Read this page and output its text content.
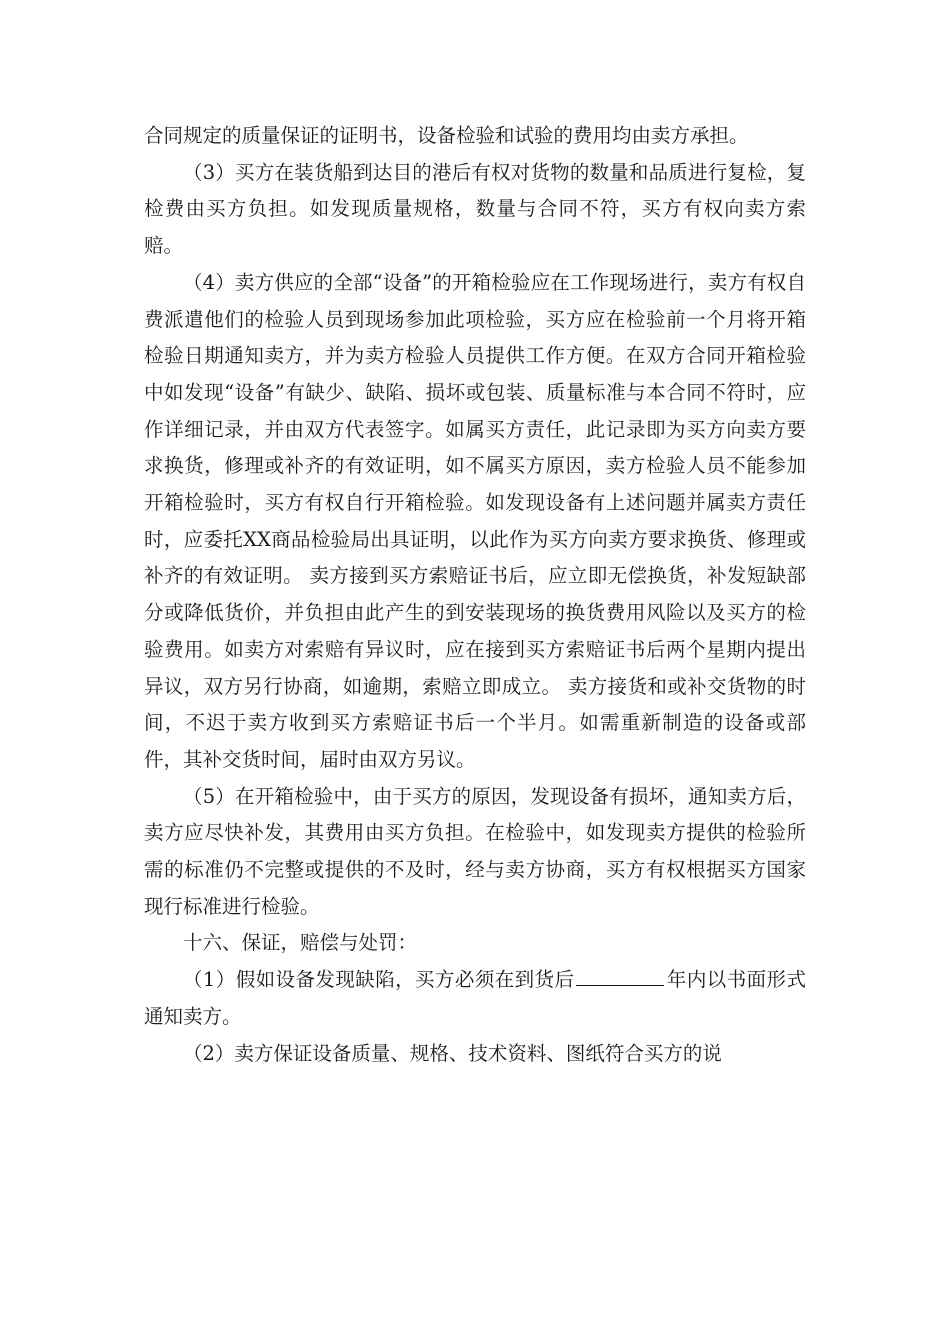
合同规定的质量保证的证明书，设备检验和试验的费用均由卖方承担。

（3）买方在装货船到达目的港后有权对货物的数量和品质进行复检，复检费由买方负担。如发现质量规格，数量与合同不符，买方有权向卖方索赔。

（4）卖方供应的全部“设备”的开箱检验应在工作现场进行，卖方有权自费派遣他们的检验人员到现场参加此项检验，买方应在检验前一个月将开箱检验日期通知卖方，并为卖方检验人员提供工作方便。在双方合同开箱检验中如发现“设备”有缺少、缺陷、损坏或包装、质量标准与本合同不符时，应作详细记录，并由双方代表签字。如属买方责任，此记录即为买方向卖方要求换货，修理或补齐的有效证明，如不属买方原因，卖方检验人员不能参加开箱检验时，买方有权自行开箱检验。如发现设备有上述问题并属卖方责任时，应委托XX商品检验局出具证明，以此作为买方向卖方要求换货、修理或补齐的有效证明。 卖方接到买方索赔证书后，应立即无偿换货，补发短缺部分或降低货价，并负担由此产生的到安装现场的换货费用风险以及买方的检验费用。如卖方对索赔有异议时，应在接到买方索赔证书后两个星期内提出异议，双方另行协商，如逾期，索赔立即成立。 卖方接货和或补交货物的时间，不迟于卖方收到买方索赔证书后一个半月。如需重新制造的设备或部件，其补交货时间，届时由双方另议。

（5）在开箱检验中，由于买方的原因，发现设备有损坏，通知卖方后，卖方应尽快补发，其费用由买方负担。在检验中，如发现卖方提供的检验所需的标准仍不完整或提供的不及时，经与卖方协商，买方有权根据买方国家现行标准进行检验。

十六、保证，赔偿与处罚：

（1）假如设备发现缺陷，买方必须在到货后	年内以书面形式通知卖方。

（2）卖方保证设备质量、规格、技术资料、图纸符合买方的说
